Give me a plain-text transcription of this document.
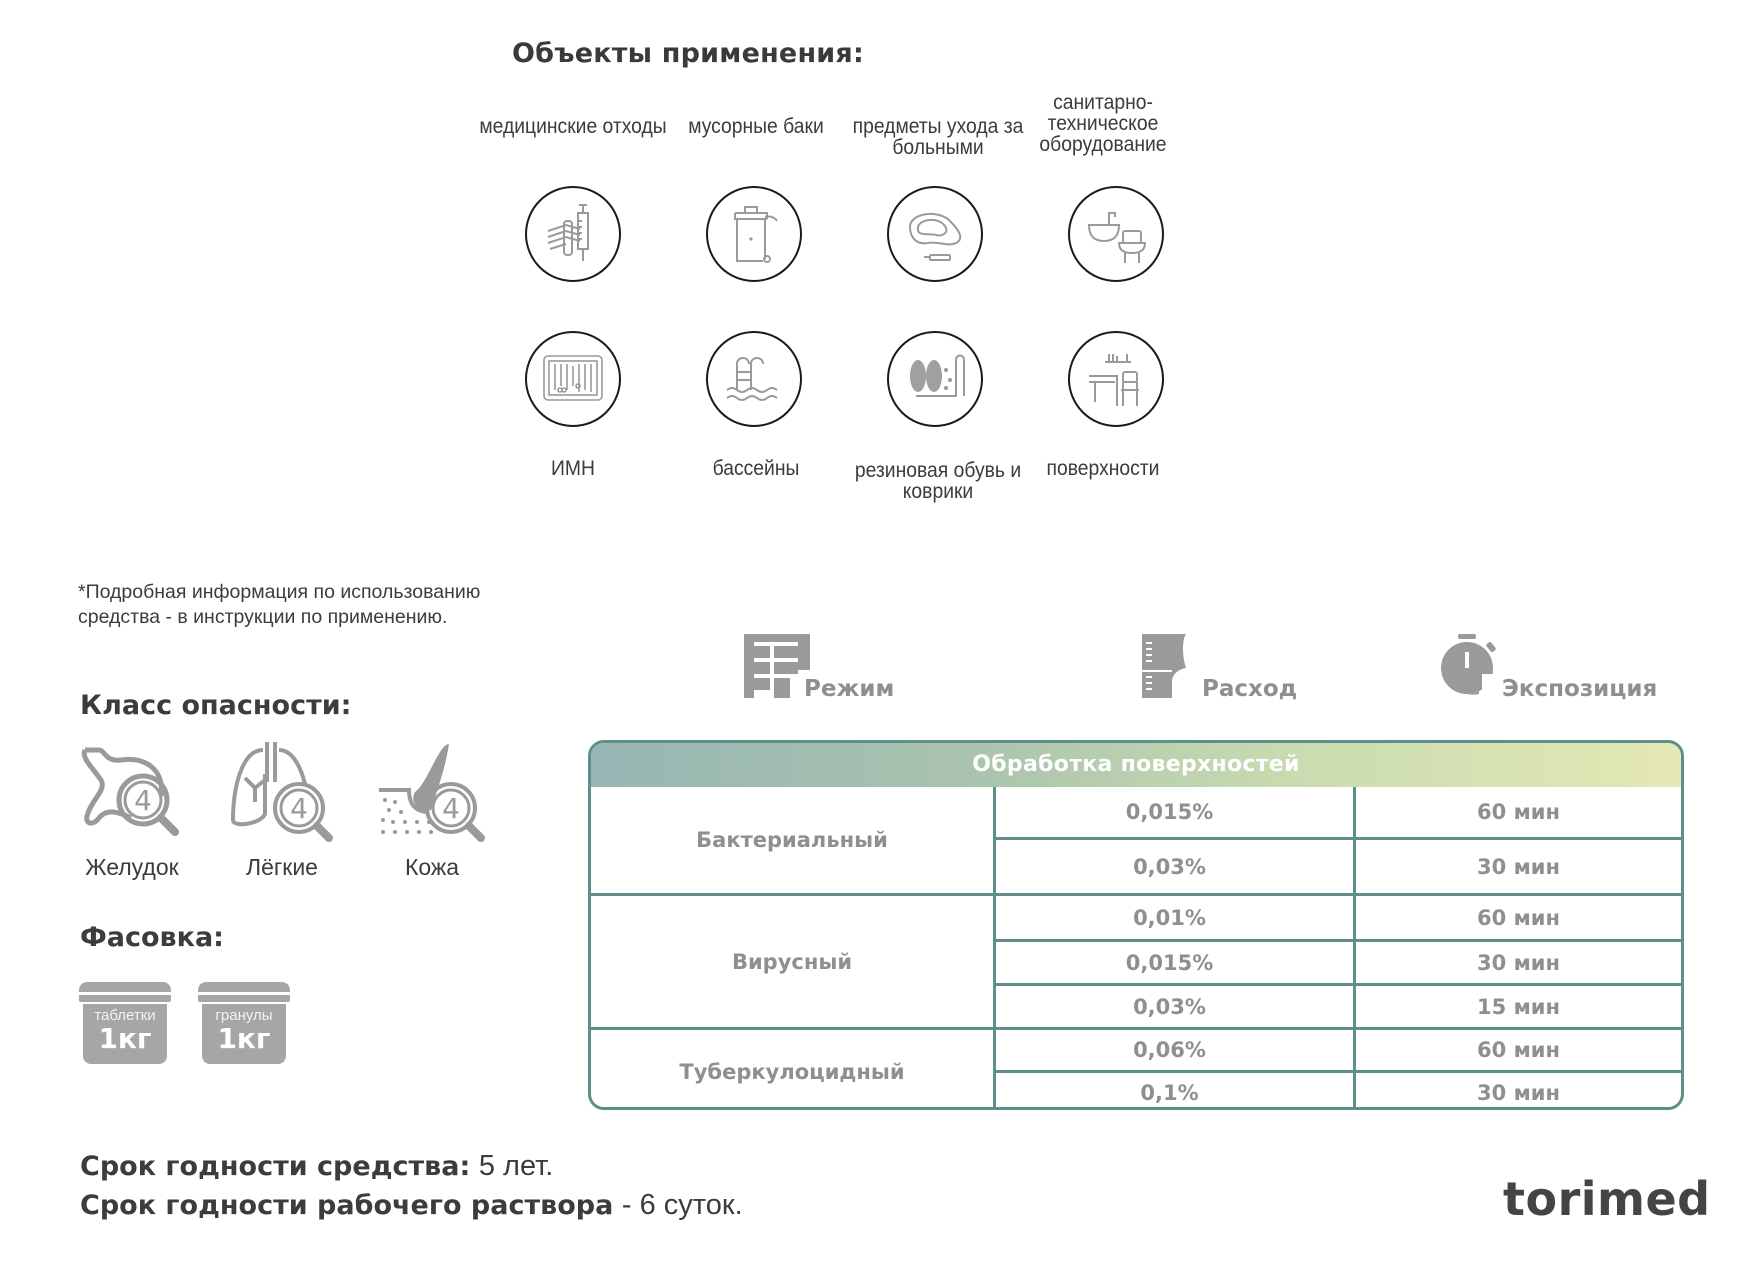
Объекты применения:
медицинские отходы	мусорные баки	предметы ухода за больными
санитарно-техническое оборудование
ИМН	бассейны	резиновая обувь и коврики
поверхности
*Подробная информация по использованию
средства - в инструкции по применению.
Класс опасности:
4
Желудок
4
Лёгкие
4
Кожа
Фасовка:
таблетки
1кг
гранулы
1кг
Режим	Расход	Экспозиция
Обработка поверхностей
Бактериальный
0,015%	60 мин
0,03%	30 мин
Вирусный
0,01%	60 мин
0,015%	30 мин
0,03%	15 мин
Туберкулоцидный
0,06%	60 мин
0,1%	30 мин
Срок годности средства: 5 лет.
Срок годности рабочего раствора - 6 суток.	torimed
